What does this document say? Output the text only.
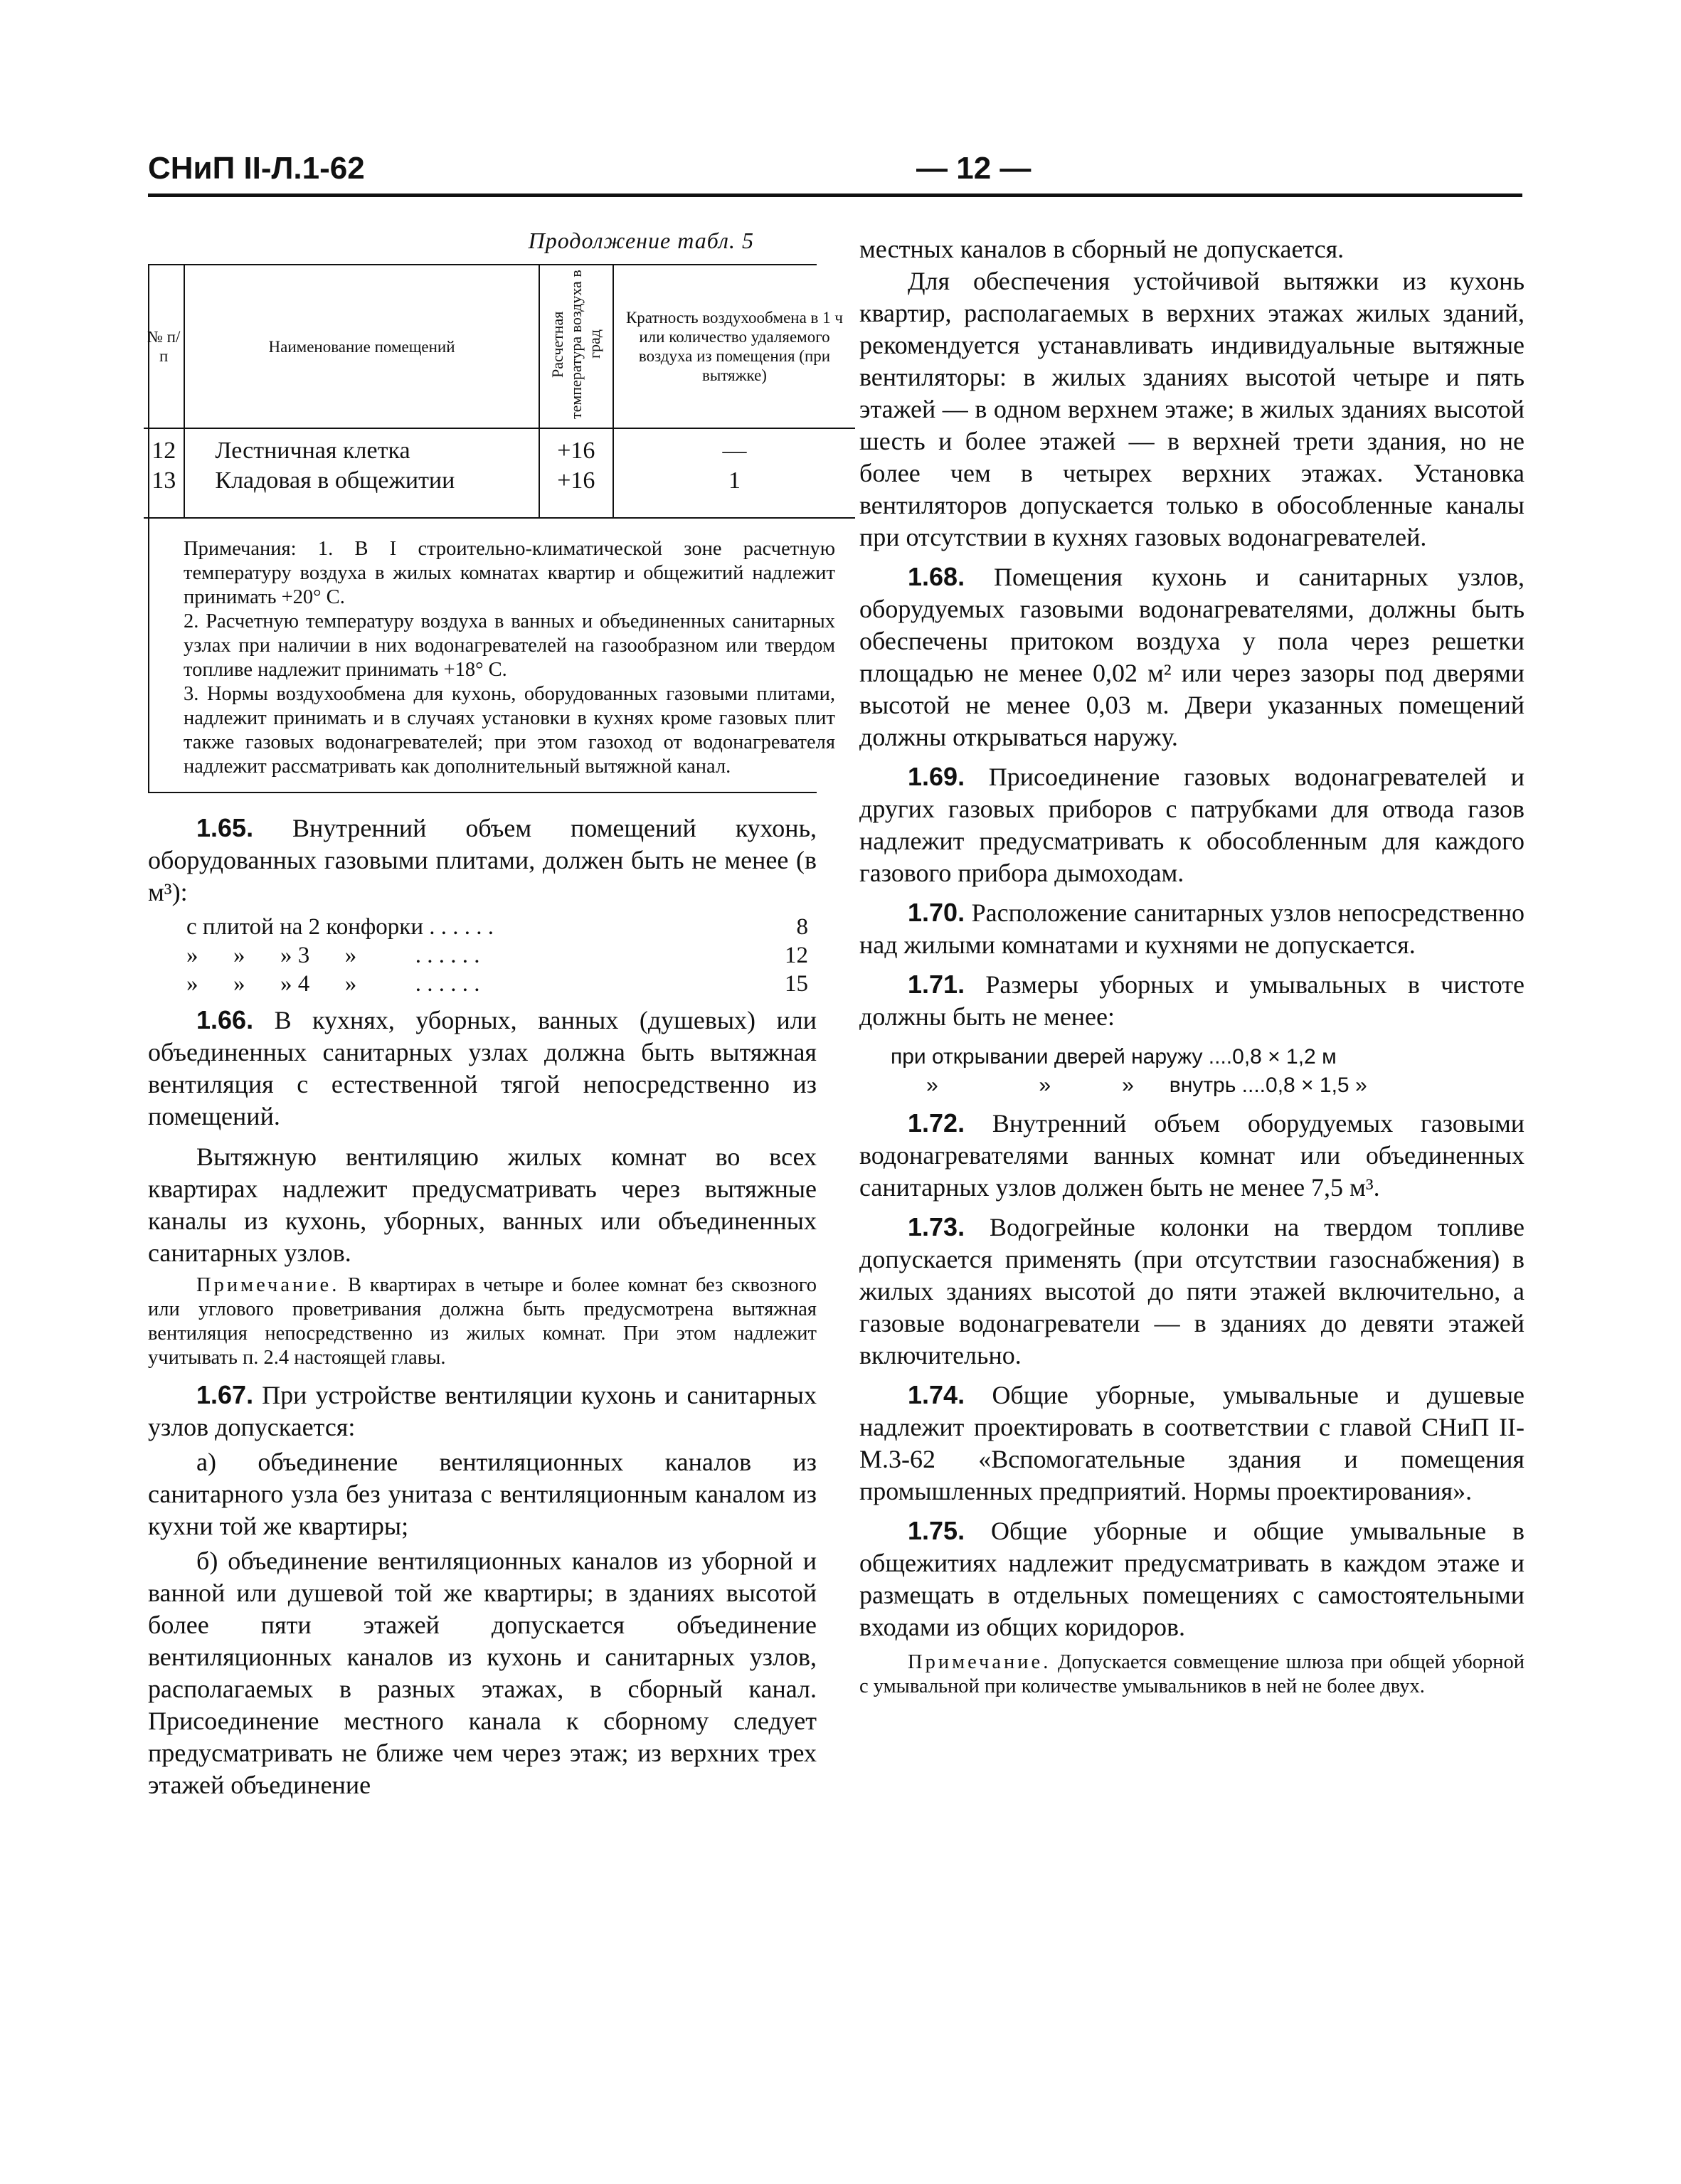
СНиП II-Л.1-62	— 12 —
Продолжение табл. 5
№ п/п	Наименование помещений	Расчетная температура воздуха в град	Кратность воздухообмена в 1 ч или количество удаляемого воздуха из помещения (при вытяжке)
12	Лестничная клетка	+16	—
13	Кладовая в общежитии	+16	1

Примечания: 1. В I строительно-климатической зоне расчетную температуру воздуха в жилых комнатах квартир и общежитий надлежит принимать +20° С.

2. Расчетную температуру воздуха в ванных и объединенных санитарных узлах при наличии в них водонагревателей на газообразном или твердом топливе надлежит принимать +18° С.

3. Нормы воздухообмена для кухонь, оборудованных газовыми плитами, надлежит принимать и в случаях установки в кухнях кроме газовых плит также газовых водонагревателей; при этом газоход от водонагревателя надлежит рассматривать как дополнительный вытяжной канал.			

1.65. Внутренний объем помещений кухонь, оборудованных газовыми плитами, должен быть не менее (в м³):

с плитой на 2 конфорки . . . . . .	8
»      »      » 3      »          . . . . . .	12
»      »      » 4      »          . . . . . .	15

1.66. В кухнях, уборных, ванных (душевых) или объединенных санитарных узлах должна быть вытяжная вентиляция с естественной тягой непосредственно из помещений.

Вытяжную вентиляцию жилых комнат во всех квартирах надлежит предусматривать через вытяжные каналы из кухонь, уборных, ванных или объединенных санитарных узлов.

Примечание. В квартирах в четыре и более комнат без сквозного или углового проветривания должна быть предусмотрена вытяжная вентиляция непосредственно из жилых комнат. При этом надлежит учитывать п. 2.4 настоящей главы.

1.67. При устройстве вентиляции кухонь и санитарных узлов допускается:

а) объединение вентиляционных каналов из санитарного узла без унитаза с вентиляционным каналом из кухни той же квартиры;

б) объединение вентиляционных каналов из уборной и ванной или душевой той же квартиры; в зданиях высотой более пяти этажей допускается объединение вентиляционных каналов из кухонь и санитарных узлов, располагаемых в разных этажах, в сборный канал. Присоединение местного канала к сборному следует предусматривать не ближе чем через этаж; из верхних трех этажей объединение

местных каналов в сборный не допускается.

Для обеспечения устойчивой вытяжки из кухонь квартир, располагаемых в верхних этажах жилых зданий, рекомендуется устанавливать индивидуальные вытяжные вентиляторы: в жилых зданиях высотой четыре и пять этажей — в одном верхнем этаже; в жилых зданиях высотой шесть и более этажей — в верхней трети здания, но не более чем в четырех верхних этажах. Установка вентиляторов допускается только в обособленные каналы при отсутствии в кухнях газовых водонагревателей.

1.68. Помещения кухонь и санитарных узлов, оборудуемых газовыми водонагревателями, должны быть обеспечены притоком воздуха у пола через решетки площадью не менее 0,02 м² или через зазоры под дверями высотой не менее 0,03 м. Двери указанных помещений должны открываться наружу.

1.69. Присоединение газовых водонагревателей и других газовых приборов с патрубками для отвода газов надлежит предусматривать к обособленным для каждого газового прибора дымоходам.

1.70. Расположение санитарных узлов непосредственно над жилыми комнатами и кухнями не допускается.

1.71. Размеры уборных и умывальных в чистоте должны быть не менее:

при открывании дверей наружу ....0,8 × 1,2 м
»                 »            »      внутрь ....0,8 × 1,5 »

1.72. Внутренний объем оборудуемых газовыми водонагревателями ванных комнат или объединенных санитарных узлов должен быть не менее 7,5 м³.

1.73. Водогрейные колонки на твердом топливе допускается применять (при отсутствии газоснабжения) в жилых зданиях высотой до пяти этажей включительно, а газовые водонагреватели — в зданиях до девяти этажей включительно.

1.74. Общие уборные, умывальные и душевые надлежит проектировать в соответствии с главой СНиП II-М.3-62 «Вспомогательные здания и помещения промышленных предприятий. Нормы проектирования».

1.75. Общие уборные и общие умывальные в общежитиях надлежит предусматривать в каждом этаже и размещать в отдельных помещениях с самостоятельными входами из общих коридоров.

Примечание. Допускается совмещение шлюза при общей уборной с умывальной при количестве умывальников в ней не более двух.
